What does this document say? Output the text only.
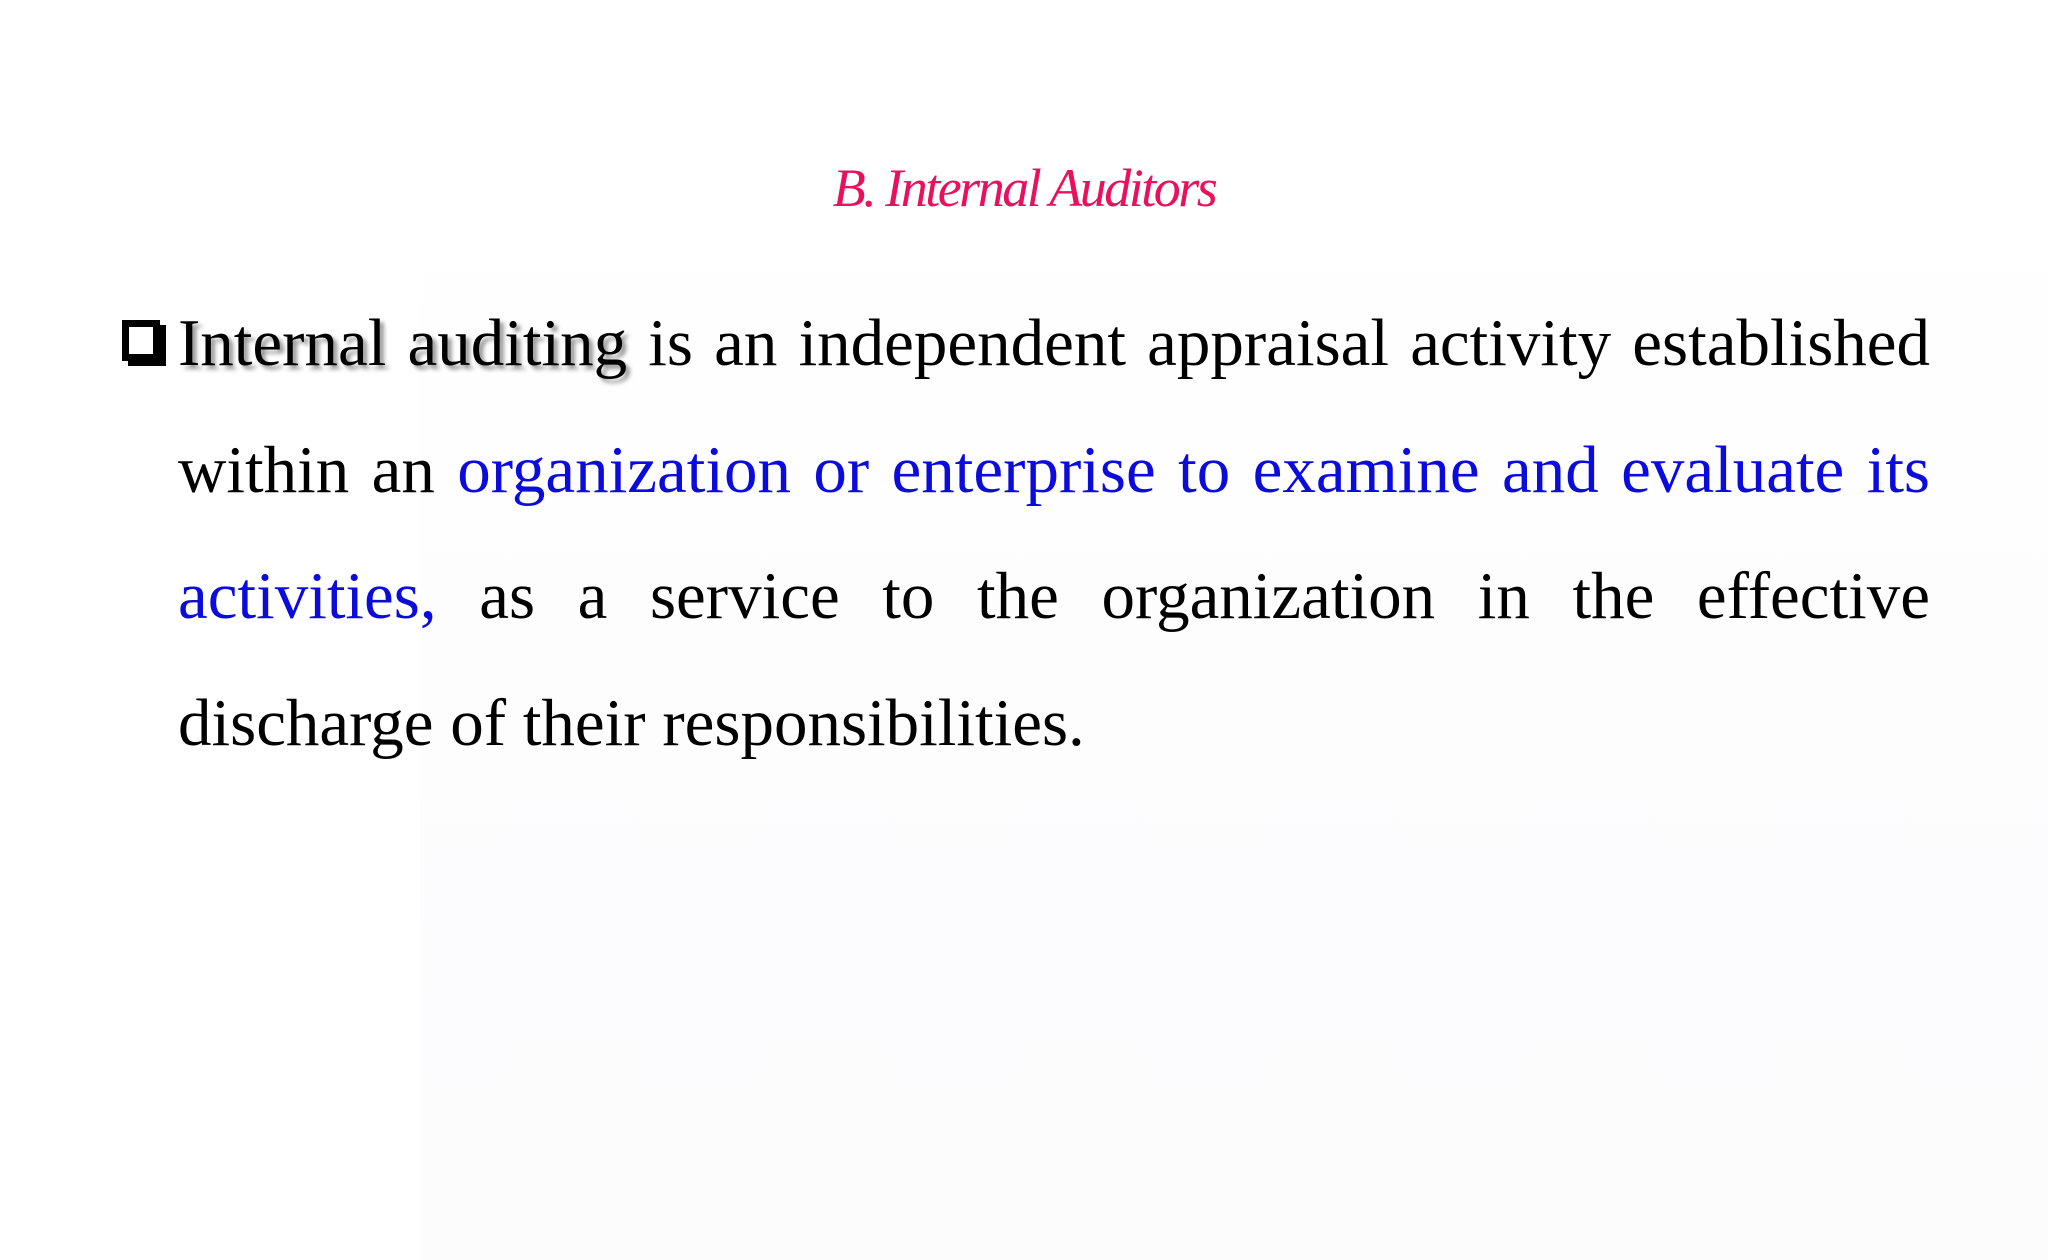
B. Internal Auditors
Internal auditing is an independent appraisal activity established within an organization or enterprise to examine and evaluate its activities, as a service to the organization in the effective discharge of their responsibilities.
